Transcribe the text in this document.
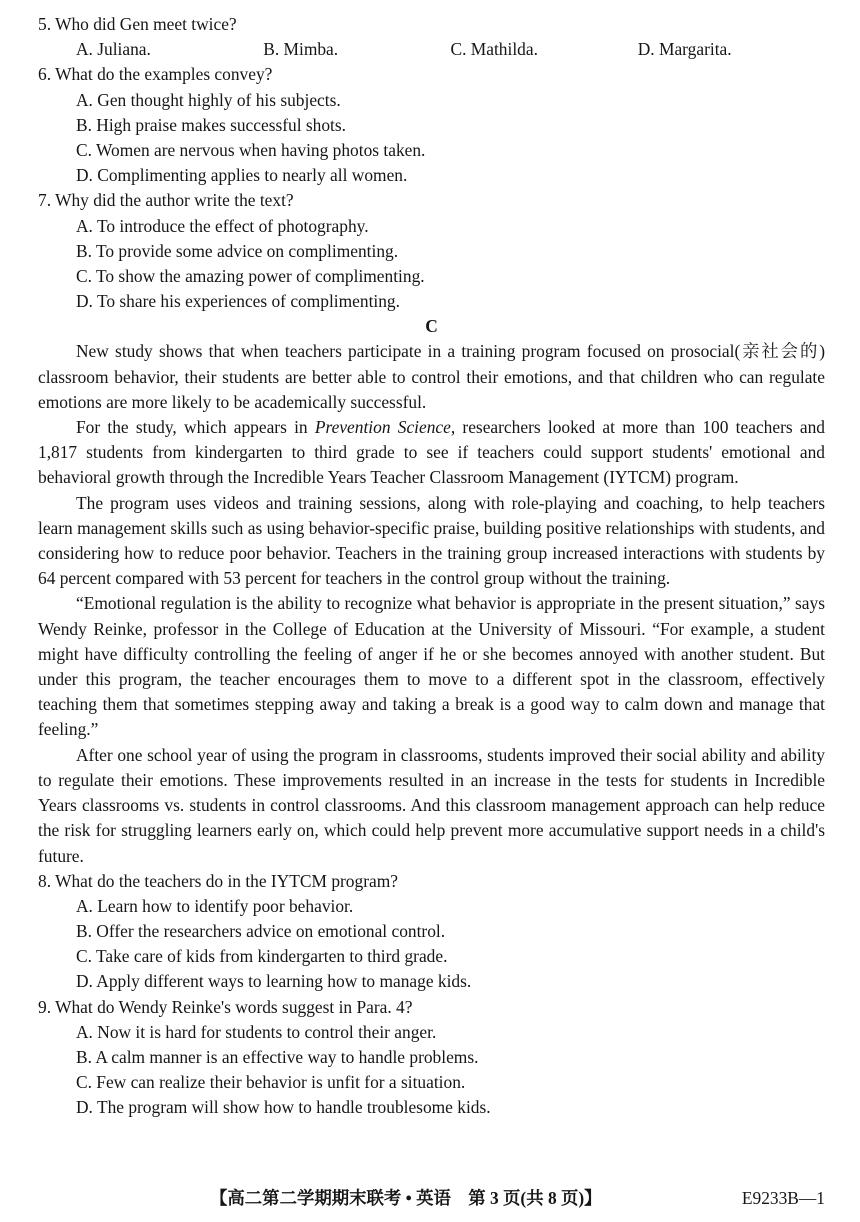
5. Who did Gen meet twice?
A. Juliana.	B. Mimba.	C. Mathilda.	D. Margarita.
6. What do the examples convey?
A. Gen thought highly of his subjects.
B. High praise makes successful shots.
C. Women are nervous when having photos taken.
D. Complimenting applies to nearly all women.
7. Why did the author write the text?
A. To introduce the effect of photography.
B. To provide some advice on complimenting.
C. To show the amazing power of complimenting.
D. To share his experiences of complimenting.
C

New study shows that when teachers participate in a training program focused on prosocial(亲社会的) classroom behavior, their students are better able to control their emotions, and that children who can regulate emotions are more likely to be academically successful.

For the study, which appears in Prevention Science, researchers looked at more than 100 teachers and 1,817 students from kindergarten to third grade to see if teachers could support students' emotional and behavioral growth through the Incredible Years Teacher Classroom Management (IYTCM) program.

The program uses videos and training sessions, along with role-playing and coaching, to help teachers learn management skills such as using behavior-specific praise, building positive relationships with students, and considering how to reduce poor behavior. Teachers in the training group increased interactions with students by 64 percent compared with 53 percent for teachers in the control group without the training.

“Emotional regulation is the ability to recognize what behavior is appropriate in the present situation,” says Wendy Reinke, professor in the College of Education at the University of Missouri. “For example, a student might have difficulty controlling the feeling of anger if he or she becomes annoyed with another student. But under this program, the teacher encourages them to move to a different spot in the classroom, effectively teaching them that sometimes stepping away and taking a break is a good way to calm down and manage that feeling.”

After one school year of using the program in classrooms, students improved their social ability and ability to regulate their emotions. These improvements resulted in an increase in the tests for students in Incredible Years classrooms vs. students in control classrooms. And this classroom management approach can help reduce the risk for struggling learners early on, which could help prevent more accumulative support needs in a child's future.

8. What do the teachers do in the IYTCM program?
A. Learn how to identify poor behavior.
B. Offer the researchers advice on emotional control.
C. Take care of kids from kindergarten to third grade.
D. Apply different ways to learning how to manage kids.
9. What do Wendy Reinke's words suggest in Para. 4?
A. Now it is hard for students to control their anger.
B. A calm manner is an effective way to handle problems.
C. Few can realize their behavior is unfit for a situation.
D. The program will show how to handle troublesome kids.
【高二第二学期期末联考 • 英语　第 3 页(共 8 页)】	E9233B—1
